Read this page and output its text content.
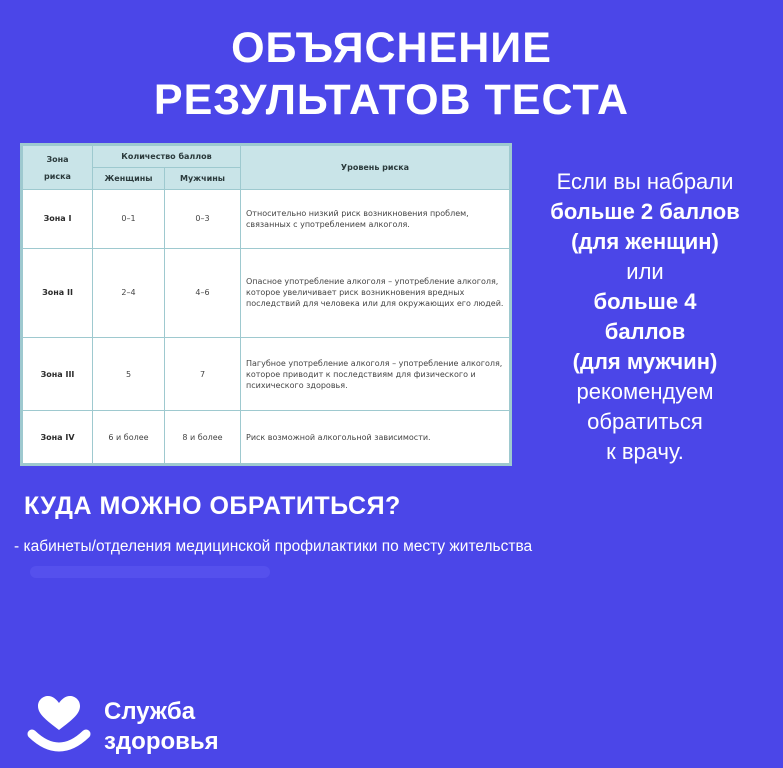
ОБЪЯСНЕНИЕ
РЕЗУЛЬТАТОВ ТЕСТА
Зона
риска	Количество баллов		Уровень риска
	Женщины	Мужчины	
Зона I	0–1	0–3	Относительно низкий риск возникновения проблем, связанных с употреблением алкоголя.
Зона II	2–4	4–6	Опасное употребление алкоголя – употребление алкоголя, которое увеличивает риск возникновения вредных последствий для человека или для окружающих его людей.
Зона III	5	7	Пагубное употребление алкоголя – употребление алкоголя, которое приводит к последствиям для физического и психического здоровья.
Зона IV	6 и более	8 и более	Риск возможной алкогольной зависимости.
Если вы набрали
больше 2 баллов
(для женщин)
или
больше 4
баллов
(для мужчин)
рекомендуем
обратиться
к врачу.
КУДА МОЖНО ОБРАТИТЬСЯ?
- кабинеты/отделения медицинской профилактики по месту жительства
Служба
здоровья
